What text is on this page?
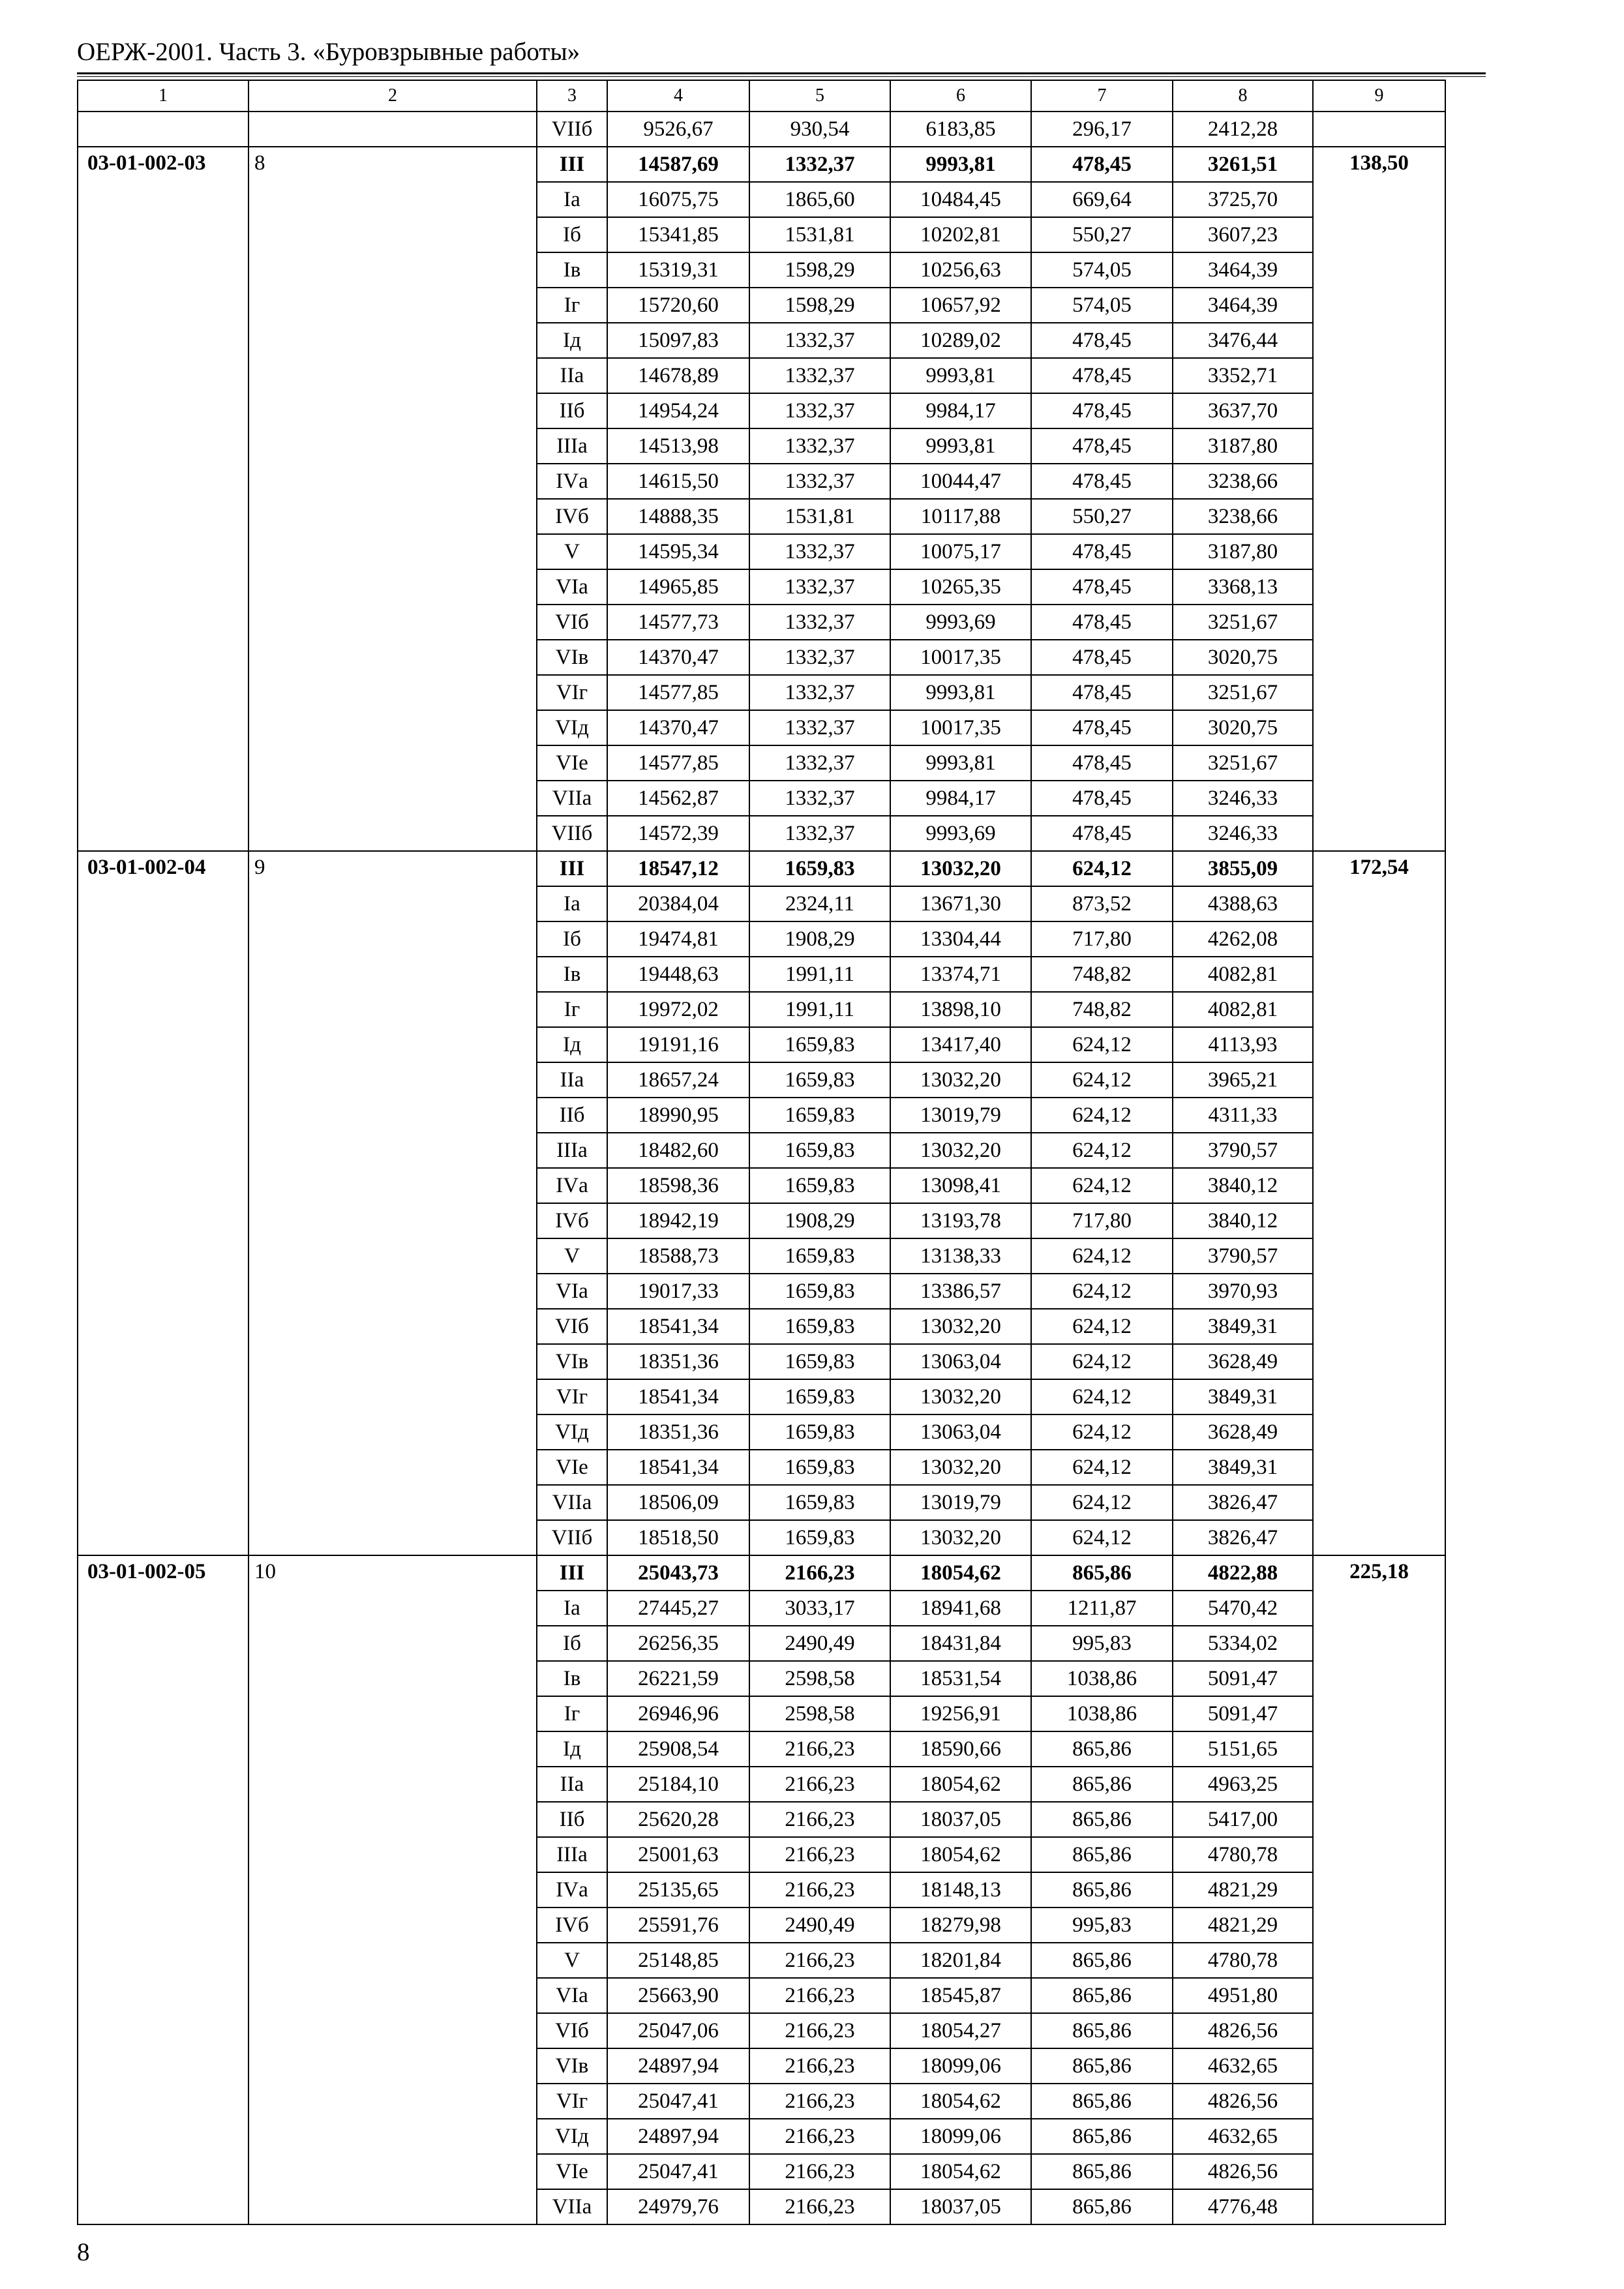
ОЕРЖ-2001. Часть 3. «Буровзрывные работы»
1	2	3	4	5	6	7	8	9
		VIIб	9526,67	930,54	6183,85	296,17	2412,28	
03-01-002-03	8	III	14587,69	1332,37	9993,81	478,45	3261,51	138,50
		Iа	16075,75	1865,60	10484,45	669,64	3725,70	
		Iб	15341,85	1531,81	10202,81	550,27	3607,23	
		Iв	15319,31	1598,29	10256,63	574,05	3464,39	
		Iг	15720,60	1598,29	10657,92	574,05	3464,39	
		Iд	15097,83	1332,37	10289,02	478,45	3476,44	
		IIа	14678,89	1332,37	9993,81	478,45	3352,71	
		IIб	14954,24	1332,37	9984,17	478,45	3637,70	
		IIIа	14513,98	1332,37	9993,81	478,45	3187,80	
		IVа	14615,50	1332,37	10044,47	478,45	3238,66	
		IVб	14888,35	1531,81	10117,88	550,27	3238,66	
		V	14595,34	1332,37	10075,17	478,45	3187,80	
		VIа	14965,85	1332,37	10265,35	478,45	3368,13	
		VIб	14577,73	1332,37	9993,69	478,45	3251,67	
		VIв	14370,47	1332,37	10017,35	478,45	3020,75	
		VIг	14577,85	1332,37	9993,81	478,45	3251,67	
		VIд	14370,47	1332,37	10017,35	478,45	3020,75	
		VIе	14577,85	1332,37	9993,81	478,45	3251,67	
		VIIа	14562,87	1332,37	9984,17	478,45	3246,33	
		VIIб	14572,39	1332,37	9993,69	478,45	3246,33	
03-01-002-04	9	III	18547,12	1659,83	13032,20	624,12	3855,09	172,54
		Iа	20384,04	2324,11	13671,30	873,52	4388,63	
		Iб	19474,81	1908,29	13304,44	717,80	4262,08	
		Iв	19448,63	1991,11	13374,71	748,82	4082,81	
		Iг	19972,02	1991,11	13898,10	748,82	4082,81	
		Iд	19191,16	1659,83	13417,40	624,12	4113,93	
		IIа	18657,24	1659,83	13032,20	624,12	3965,21	
		IIб	18990,95	1659,83	13019,79	624,12	4311,33	
		IIIа	18482,60	1659,83	13032,20	624,12	3790,57	
		IVа	18598,36	1659,83	13098,41	624,12	3840,12	
		IVб	18942,19	1908,29	13193,78	717,80	3840,12	
		V	18588,73	1659,83	13138,33	624,12	3790,57	
		VIа	19017,33	1659,83	13386,57	624,12	3970,93	
		VIб	18541,34	1659,83	13032,20	624,12	3849,31	
		VIв	18351,36	1659,83	13063,04	624,12	3628,49	
		VIг	18541,34	1659,83	13032,20	624,12	3849,31	
		VIд	18351,36	1659,83	13063,04	624,12	3628,49	
		VIе	18541,34	1659,83	13032,20	624,12	3849,31	
		VIIа	18506,09	1659,83	13019,79	624,12	3826,47	
		VIIб	18518,50	1659,83	13032,20	624,12	3826,47	
03-01-002-05	10	III	25043,73	2166,23	18054,62	865,86	4822,88	225,18
		Iа	27445,27	3033,17	18941,68	1211,87	5470,42	
		Iб	26256,35	2490,49	18431,84	995,83	5334,02	
		Iв	26221,59	2598,58	18531,54	1038,86	5091,47	
		Iг	26946,96	2598,58	19256,91	1038,86	5091,47	
		Iд	25908,54	2166,23	18590,66	865,86	5151,65	
		IIа	25184,10	2166,23	18054,62	865,86	4963,25	
		IIб	25620,28	2166,23	18037,05	865,86	5417,00	
		IIIа	25001,63	2166,23	18054,62	865,86	4780,78	
		IVа	25135,65	2166,23	18148,13	865,86	4821,29	
		IVб	25591,76	2490,49	18279,98	995,83	4821,29	
		V	25148,85	2166,23	18201,84	865,86	4780,78	
		VIа	25663,90	2166,23	18545,87	865,86	4951,80	
		VIб	25047,06	2166,23	18054,27	865,86	4826,56	
		VIв	24897,94	2166,23	18099,06	865,86	4632,65	
		VIг	25047,41	2166,23	18054,62	865,86	4826,56	
		VIд	24897,94	2166,23	18099,06	865,86	4632,65	
		VIе	25047,41	2166,23	18054,62	865,86	4826,56	
		VIIа	24979,76	2166,23	18037,05	865,86	4776,48	
8
